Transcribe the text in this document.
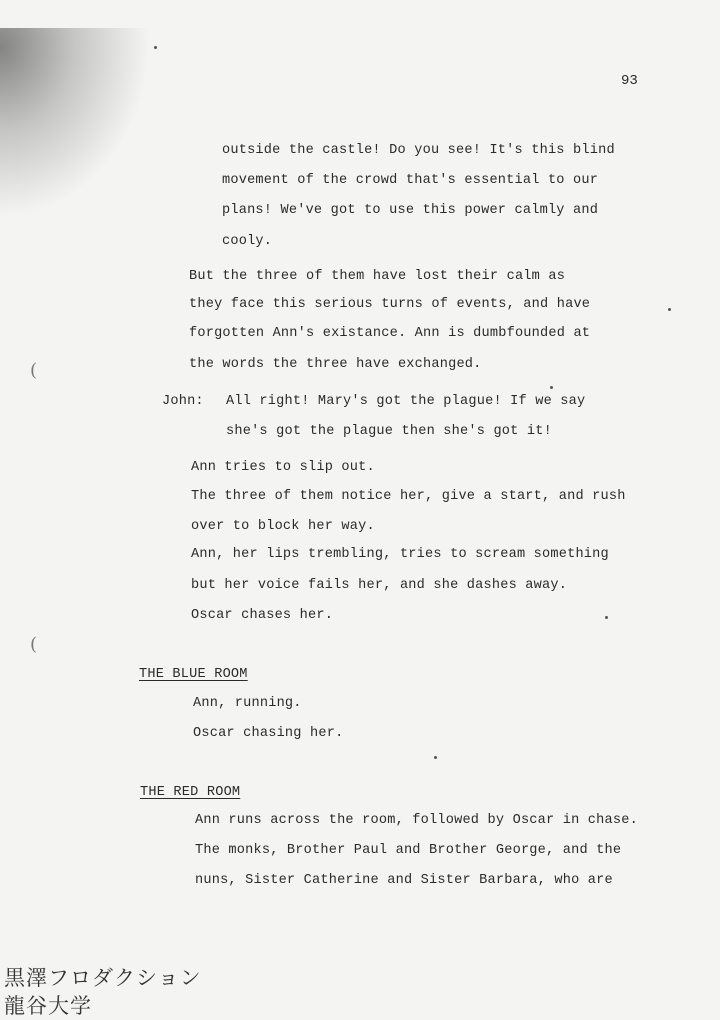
93
outside the castle! Do you see! It's this blind
movement of the crowd that's essential to our
plans! We've got to use this power calmly and
cooly.
But the three of them have lost their calm as
they face this serious turns of events, and have
forgotten Ann's existance. Ann is dumbfounded at
the words the three have exchanged.
John: All right! Mary's got the plague! If we say
she's got the plague then she's got it!
Ann tries to slip out.
The three of them notice her, give a start, and rush
over to block her way.
Ann, her lips trembling, tries to scream something
but her voice fails her, and she dashes away.
Oscar chases her.
THE BLUE ROOM
Ann, running.
Oscar chasing her.
THE RED ROOM
Ann runs across the room, followed by Oscar in chase.
The monks, Brother Paul and Brother George, and the
nuns, Sister Catherine and Sister Barbara, who are
(
(
黒澤フロダクション
龍谷大学
